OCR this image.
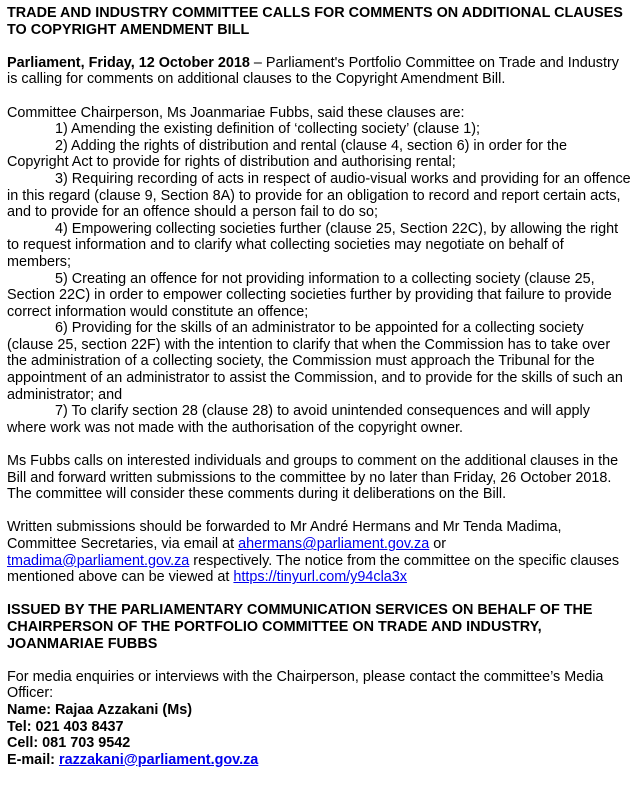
TRADE AND INDUSTRY COMMITTEE CALLS FOR COMMENTS ON ADDITIONAL CLAUSES TO COPYRIGHT AMENDMENT BILL

Parliament, Friday, 12 October 2018 – Parliament's Portfolio Committee on Trade and Industry is calling for comments on additional clauses to the Copyright Amendment Bill.

Committee Chairperson, Ms Joanmariae Fubbs, said these clauses are:

1) Amending the existing definition of ‘collecting society’ (clause 1);

2) Adding the rights of distribution and rental (clause 4, section 6) in order for the Copyright Act to provide for rights of distribution and authorising rental;

3) Requiring recording of acts in respect of audio-visual works and providing for an offence in this regard (clause 9, Section 8A) to provide for an obligation to record and report certain acts, and to provide for an offence should a person fail to do so;

4) Empowering collecting societies further (clause 25, Section 22C), by allowing the right to request information and to clarify what collecting societies may negotiate on behalf of members;

5) Creating an offence for not providing information to a collecting society (clause 25, Section 22C) in order to empower collecting societies further by providing that failure to provide correct information would constitute an offence;

6) Providing for the skills of an administrator to be appointed for a collecting society (clause 25, section 22F) with the intention to clarify that when the Commission has to take over the administration of a collecting society, the Commission must approach the Tribunal for the appointment of an administrator to assist the Commission, and to provide for the skills of such an administrator; and

7) To clarify section 28 (clause 28) to avoid unintended consequences and will apply where work was not made with the authorisation of the copyright owner.

Ms Fubbs calls on interested individuals and groups to comment on the additional clauses in the Bill and forward written submissions to the committee by no later than Friday, 26 October 2018. The committee will consider these comments during it deliberations on the Bill.

Written submissions should be forwarded to Mr André Hermans and Mr Tenda Madima, Committee Secretaries, via email at ahermans@parliament.gov.za or tmadima@parliament.gov.za respectively. The notice from the committee on the specific clauses mentioned above can be viewed at https://tinyurl.com/y94cla3x

ISSUED BY THE PARLIAMENTARY COMMUNICATION SERVICES ON BEHALF OF THE CHAIRPERSON OF THE PORTFOLIO COMMITTEE ON TRADE AND INDUSTRY, JOANMARIAE FUBBS

For media enquiries or interviews with the Chairperson, please contact the committee’s Media Officer:

Name: Rajaa Azzakani (Ms)

Tel: 021 403 8437

Cell: 081 703 9542

E-mail: razzakani@parliament.gov.za
